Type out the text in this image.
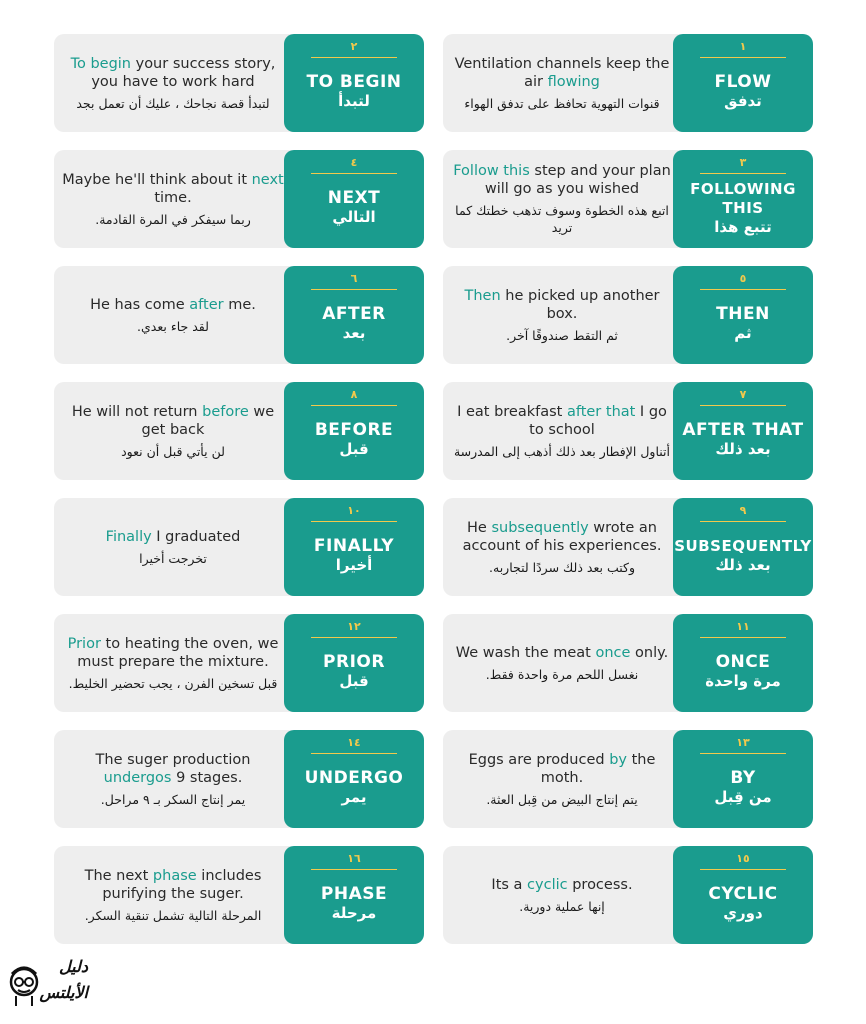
To begin your success story, you have to work hard
لتبدأ قصة نجاحك ، عليك أن تعمل بجد
٢
TO BEGIN
لتبدأ
Ventilation channels keep the air flowing
قنوات التهوية تحافظ على تدفق الهواء
١
FLOW
تدفق
Maybe he'll think about it next time.
ربما سيفكر في المرة القادمة.
٤
NEXT
التالي
Follow this step and your plan will go as you wished
اتبع هذه الخطوة وسوف تذهب خطتك كما تريد
٣
FOLLOWING THIS
تتبع هذا
He has come after me.
لقد جاء بعدي.
٦
AFTER
بعد
Then he picked up another box.
ثم التقط صندوقًا آخر.
٥
THEN
ثم
He will not return before we get back
لن يأتي قبل أن نعود
٨
BEFORE
قبل
I eat breakfast after that I go to school
أتناول الإفطار بعد ذلك أذهب إلى المدرسة
٧
AFTER THAT
بعد ذلك
Finally I graduated
تخرجت أخيرا
١٠
FINALLY
أخيرا
He subsequently wrote an account of his experiences.
وكتب بعد ذلك سردًا لتجاربه.
٩
SUBSEQUENTLY
بعد ذلك
Prior to heating the oven, we must prepare the mixture.
قبل تسخين الفرن ، يجب تحضير الخليط.
١٢
PRIOR
قبل
We wash the meat once only.
نغسل اللحم مرة واحدة فقط.
١١
ONCE
مرة واحدة
The suger production undergos 9 stages.
يمر إنتاج السكر بـ ٩ مراحل.
١٤
UNDERGO
يمر
Eggs are produced by the moth.
يتم إنتاج البيض من قِبل العثة.
١٣
BY
من قِبل
The next phase includes purifying the suger.
المرحلة التالية تشمل تنقية السكر.
١٦
PHASE
مرحلة
Its a cyclic process.
إنها عملية دورية.
١٥
CYCLIC
دوري
دليل الأيلتس
